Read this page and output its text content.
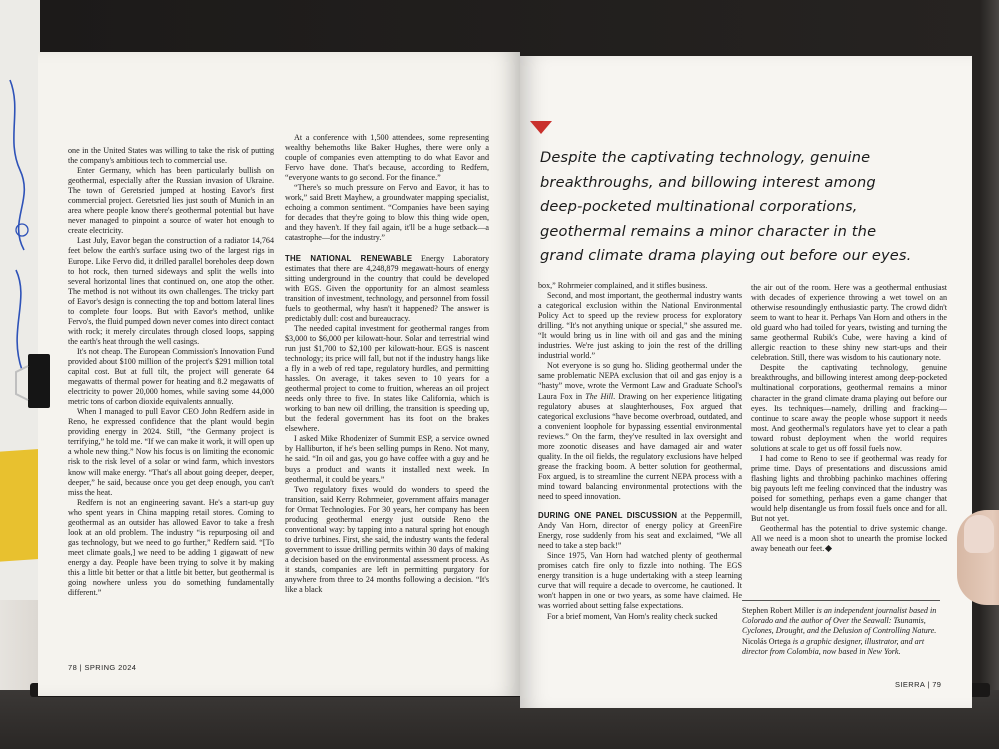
one in the United States was willing to take the risk of putting the company's ambitious tech to commercial use.

Enter Germany, which has been particularly bullish on geothermal, especially after the Russian invasion of Ukraine. The town of Geretsried jumped at hosting Eavor's first commercial project. Geretsried lies just south of Munich in an area where people know there's geothermal potential but have never managed to pinpoint a source of water hot enough to create electricity.

Last July, Eavor began the construction of a radiator 14,764 feet below the earth's surface using two of the largest rigs in Europe. Like Fervo did, it drilled parallel boreholes deep down to hot rock, then turned sideways and split the wells into several horizontal lines that continued on, one atop the other. The method is not without its own challenges. The tricky part of Eavor's design is connecting the top and bottom lateral lines to complete four loops. But with Eavor's method, unlike Fervo's, the fluid pumped down never comes into direct contact with rock; it merely circulates through closed loops, sapping the earth's heat through the well casings.

It's not cheap. The European Commission's Innovation Fund provided about $100 million of the project's $291 million total capital cost. But at full tilt, the project will generate 64 megawatts of thermal power for heating and 8.2 megawatts of electricity to power 20,000 homes, while saving some 44,000 metric tons of carbon dioxide equivalents annually.

When I managed to pull Eavor CEO John Redfern aside in Reno, he expressed confidence that the plant would begin providing energy in 2024. Still, “the Germany project is terrifying,” he told me. “If we can make it work, it will open up a whole new thing.” Now his focus is on limiting the economic risk to the risk level of a solar or wind farm, which investors know will make energy. “That's all about going deeper, deeper, deeper,” he said, because once you get deep enough, you can't miss the heat.

Redfern is not an engineering savant. He's a start-up guy who spent years in China mapping retail stores. Coming to geothermal as an outsider has allowed Eavor to take a fresh look at an old problem. The industry “is repurposing oil and gas technology, but we need to go further,” Redfern said. “[To meet climate goals,] we need to be adding 1 gigawatt of new energy a day. People have been trying to solve it by making this a little bit better or that a little bit better, but geothermal is going nowhere unless you do something fundamentally different.”

At a conference with 1,500 attendees, some representing wealthy behemoths like Baker Hughes, there were only a couple of companies even attempting to do what Eavor and Fervo have done. That's because, according to Redfern, “everyone wants to go second. For the finance.”

“There's so much pressure on Fervo and Eavor, it has to work,” said Brett Mayhew, a groundwater mapping specialist, echoing a common sentiment. “Companies have been saying for decades that they're going to blow this thing wide open, and they haven't. If they fail again, it'll be a huge setback—a catastrophe—for the industry.”

THE NATIONAL RENEWABLE Energy Laboratory estimates that there are 4,248,879 megawatt-hours of energy sitting underground in the country that could be developed with EGS. Given the opportunity for an almost seamless transition of investment, technology, and personnel from fossil fuels to geothermal, why hasn't it happened? The answer is predictably dull: cost and bureaucracy.

The needed capital investment for geothermal ranges from $3,000 to $6,000 per kilowatt-hour. Solar and terrestrial wind run just $1,700 to $2,100 per kilowatt-hour. EGS is nascent technology; its price will fall, but not if the industry hangs like a fly in a web of red tape, regulatory hurdles, and permitting hassles. On average, it takes seven to 10 years for a geothermal project to come to fruition, whereas an oil project needs only three to five. In states like California, which is working to ban new oil drilling, the transition is speeding up, but the federal government has its foot on the brakes elsewhere.

I asked Mike Rhodenizer of Summit ESP, a service owned by Halliburton, if he's been selling pumps in Reno. Not many, he said. “In oil and gas, you go have coffee with a guy and he buys a product and wants it installed next week. In geothermal, it could be years.”

Two regulatory fixes would do wonders to speed the transition, said Kerry Rohrmeier, government affairs manager for Ormat Technologies. For 30 years, her company has been producing geothermal energy just outside Reno the conventional way: by tapping into a natural spring hot enough to drive turbines. First, she said, the industry wants the federal government to issue drilling permits within 30 days of making a decision based on the environmental assessment process. As it stands, companies are left in permitting purgatory for anywhere from three to 24 months following a decision. “It's like a black

78 | SPRING 2024
Despite the captivating technology, genuine
breakthroughs, and billowing interest among
deep-pocketed multinational corporations,
geothermal remains a minor character in the
grand climate drama playing out before our eyes.

box,” Rohrmeier complained, and it stifles business.

Second, and most important, the geothermal industry wants a categorical exclusion within the National Environmental Policy Act to speed up the review process for exploratory drilling. “It's not anything unique or special,” she assured me. “It would bring us in line with oil and gas and the mining industries. We're just asking to join the rest of the drilling industrial world.”

Not everyone is so gung ho. Sliding geothermal under the same problematic NEPA exclusion that oil and gas enjoy is a “hasty” move, wrote the Vermont Law and Graduate School's Laura Fox in The Hill. Drawing on her experience litigating regulatory abuses at slaughterhouses, Fox argued that categorical exclusions “have become overbroad, outdated, and a convenient loophole for bypassing essential environmental reviews.” On the farm, they've resulted in lax oversight and more zoonotic diseases and have damaged air and water quality. In the oil fields, the regulatory exclusions have helped grease the fracking boom. A better solution for geothermal, Fox argued, is to streamline the current NEPA process with a mind toward balancing environmental protections with the need to speed innovation.

DURING ONE PANEL DISCUSSION at the Peppermill, Andy Van Horn, director of energy policy at GreenFire Energy, rose suddenly from his seat and exclaimed, “We all need to take a step back!”

Since 1975, Van Horn had watched plenty of geothermal promises catch fire only to fizzle into nothing. The EGS energy transition is a huge undertaking with a steep learning curve that will require a decade to overcome, he cautioned. It won't happen in one or two years, as some have claimed. He was worried about setting false expectations.

For a brief moment, Van Horn's reality check sucked

the air out of the room. Here was a geothermal enthusiast with decades of experience throwing a wet towel on an otherwise resoundingly enthusiastic party. The crowd didn't seem to want to hear it. Perhaps Van Horn and others in the old guard who had toiled for years, twisting and turning the same geothermal Rubik's Cube, were having a kind of allergic reaction to these shiny new start-ups and their celebration. Still, there was wisdom to his cautionary note.

Despite the captivating technology, genuine breakthroughs, and billowing interest among deep-pocketed multinational corporations, geothermal remains a minor character in the grand climate drama playing out before our eyes. Its techniques—namely, drilling and fracking—continue to scare away the people whose support it needs most. And geothermal's regulators have yet to clear a path toward robust deployment when the world requires solutions at scale to get us off fossil fuels now.

I had come to Reno to see if geothermal was ready for prime time. Days of presentations and discussions amid flashing lights and throbbing pachinko machines offering big payouts left me feeling convinced that the industry was poised for something, perhaps even a game changer that would help disentangle us from fossil fuels once and for all. But not yet.

Geothermal has the potential to drive systemic change. All we need is a moon shot to unearth the promise locked away beneath our feet.

Stephen Robert Miller is an independent journalist based in Colorado and the author of Over the Seawall: Tsunamis, Cyclones, Drought, and the Delusion of Controlling Nature.

Nicolás Ortega is a graphic designer, illustrator, and art director from Colombia, now based in New York.

SIERRA | 79
